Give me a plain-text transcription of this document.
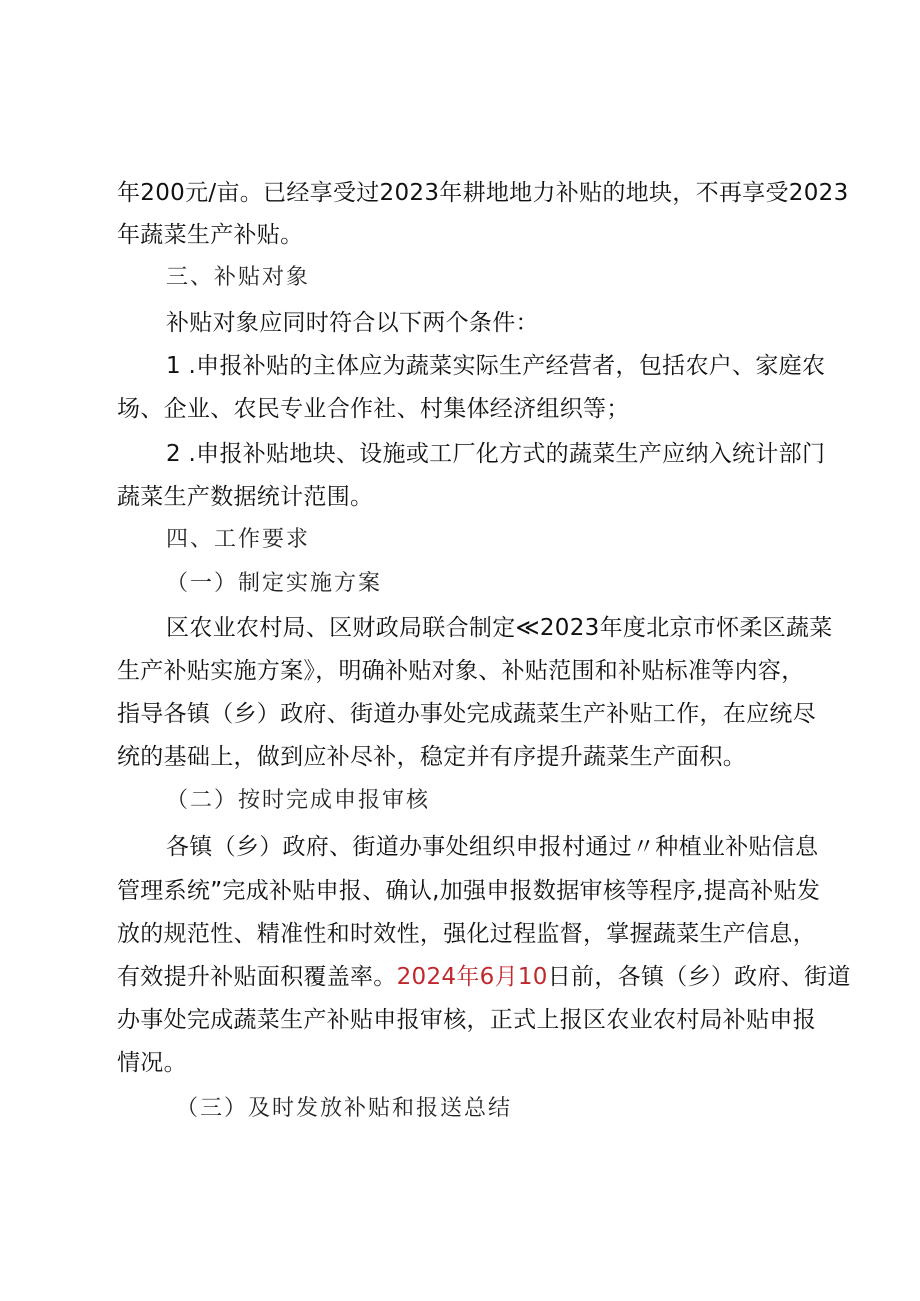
年200元/亩。已经享受过2023年耕地地力补贴的地块，不再享受2023
年蔬菜生产补贴。
三、补贴对象
补贴对象应同时符合以下两个条件：
1 .申报补贴的主体应为蔬菜实际生产经营者，包括农户、家庭农
场、企业、农民专业合作社、村集体经济组织等；
2 .申报补贴地块、设施或工厂化方式的蔬菜生产应纳入统计部门
蔬菜生产数据统计范围。
四、工作要求
（一）制定实施方案
区农业农村局、区财政局联合制定≪2023年度北京市怀柔区蔬菜
生产补贴实施方案》，明确补贴对象、补贴范围和补贴标准等内容，
指导各镇（乡）政府、街道办事处完成蔬菜生产补贴工作，在应统尽
统的基础上，做到应补尽补，稳定并有序提升蔬菜生产面积。
（二）按时完成申报审核
各镇（乡）政府、街道办事处组织申报村通过〃种植业补贴信息
管理系统”完成补贴申报、确认,加强申报数据审核等程序,提高补贴发
放的规范性、精准性和时效性，强化过程监督，掌握蔬菜生产信息，
有效提升补贴面积覆盖率。2024年6月10日前，各镇（乡）政府、街道
办事处完成蔬菜生产补贴申报审核，正式上报区农业农村局补贴申报
情况。
（三）及时发放补贴和报送总结
